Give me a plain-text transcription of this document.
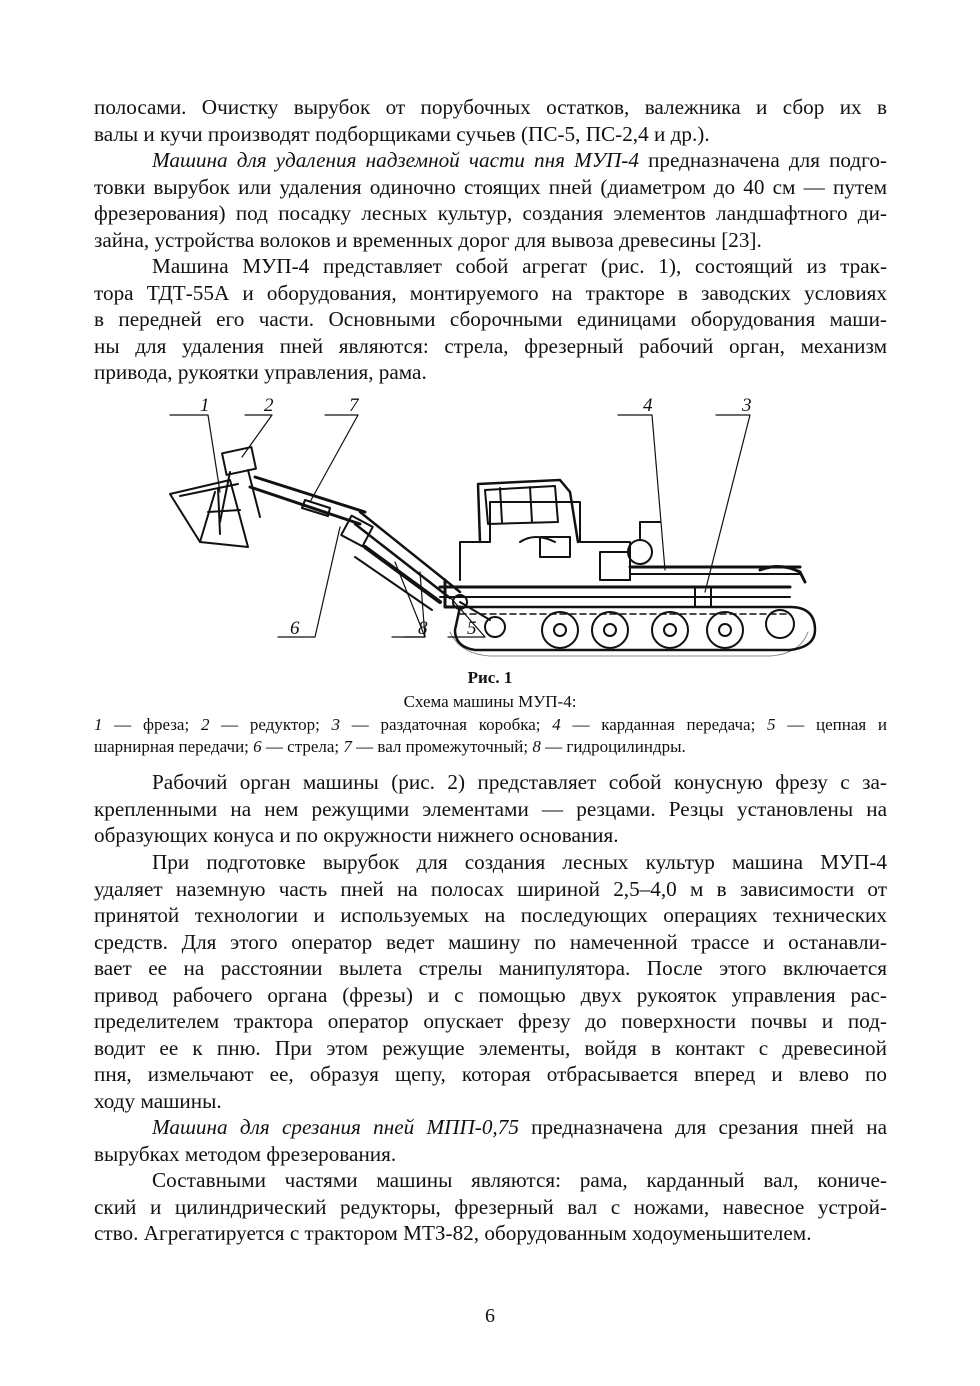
полосами. Очистку вырубок от порубочных остатков, валежника и сбор их в
валы и кучи производят подборщиками сучьев (ПС-5, ПС-2,4 и др.).
Машина для удаления надземной части пня МУП-4 предназначена для подго-
товки вырубок или удаления одиночно стоящих пней (диаметром до 40 см — путем
фрезерования) под посадку лесных культур, создания элементов ландшафтного ди-
зайна, устройства волоков и временных дорог для вывоза древесины [23].
Машина МУП-4 представляет собой агрегат (рис. 1), состоящий из трак-
тора ТДТ-55А и оборудования, монтируемого на тракторе в заводских условиях
в передней его части. Основными сборочными единицами оборудования маши-
ны для удаления пней являются: стрела, фрезерный рабочий орган, механизм
привода, рукоятки управления, рама.
1	2	7	4	3
6	8 5
Рис. 1
Схема машины МУП-4:
1 — фреза; 2 — редуктор; 3 — раздаточная коробка; 4 — карданная передача; 5 — цепная и
шарнирная передачи; 6 — стрела; 7 — вал промежуточный; 8 — гидроцилиндры.
Рабочий орган машины (рис. 2) представляет собой конусную фрезу с за-
крепленными на нем режущими элементами — резцами. Резцы установлены на
образующих конуса и по окружности нижнего основания.
При подготовке вырубок для создания лесных культур машина МУП-4
удаляет наземную часть пней на полосах шириной 2,5–4,0 м в зависимости от
принятой технологии и используемых на последующих операциях технических
средств. Для этого оператор ведет машину по намеченной трассе и останавли-
вает ее на расстоянии вылета стрелы манипулятора. После этого включается
привод рабочего органа (фрезы) и с помощью двух рукояток управления рас-
пределителем трактора оператор опускает фрезу до поверхности почвы и под-
водит ее к пню. При этом режущие элементы, войдя в контакт с древесиной
пня, измельчают ее, образуя щепу, которая отбрасывается вперед и влево по
ходу машины.
Машина для срезания пней МПП-0,75 предназначена для срезания пней на
вырубках методом фрезерования.
Составными частями машины являются: рама, карданный вал, кониче-
ский и цилиндрический редукторы, фрезерный вал с ножами, навесное устрой-
ство. Агрегатируется с трактором МТЗ-82, оборудованным ходоуменьшителем.
6
